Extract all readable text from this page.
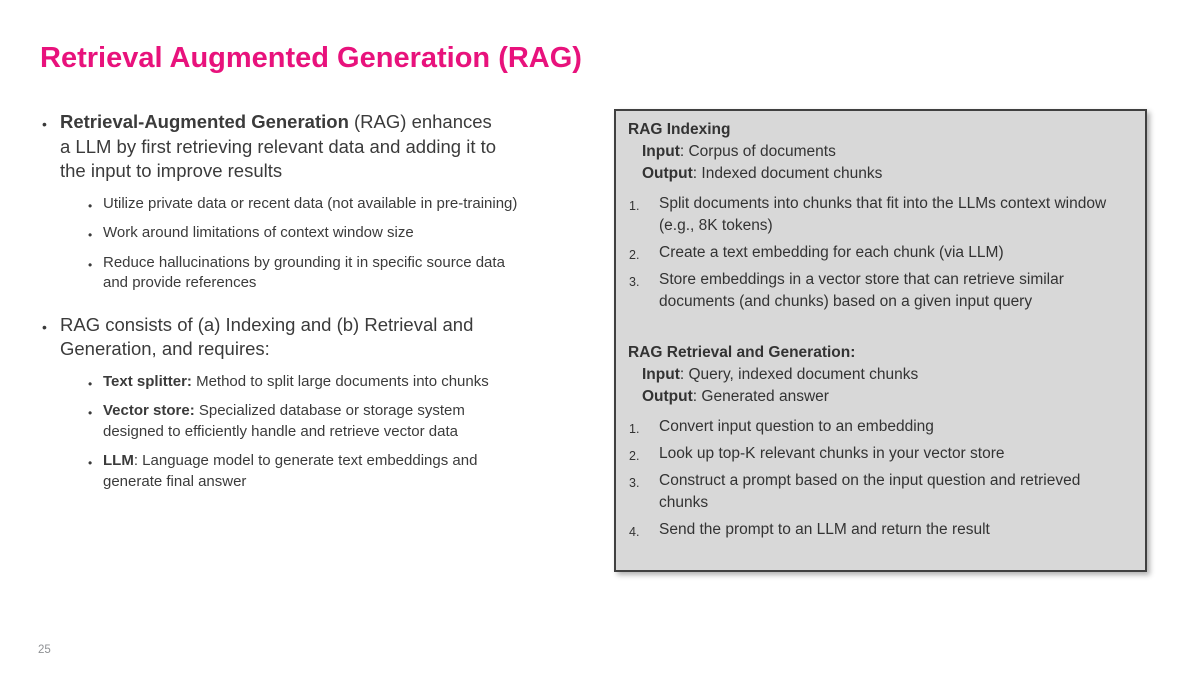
Retrieval Augmented Generation (RAG)
• Retrieval-Augmented Generation (RAG) enhances a LLM by first retrieving relevant data and adding it to the input to improve results
• Utilize private data or recent data (not available in pre-training)
• Work around limitations of context window size
• Reduce hallucinations by grounding it in specific source data and provide references
• RAG consists of (a) Indexing and (b) Retrieval and Generation, and requires:
• Text splitter: Method to split large documents into chunks
• Vector store: Specialized database or storage system designed to efficiently handle and retrieve vector data
• LLM: Language model to generate text embeddings and generate final answer
RAG Indexing
Input: Corpus of documents
Output: Indexed document chunks
1. Split documents into chunks that fit into the LLMs context window (e.g., 8K tokens)
2. Create a text embedding for each chunk (via LLM)
3. Store embeddings in a vector store that can retrieve similar documents (and chunks) based on a given input query
RAG Retrieval and Generation:
Input: Query, indexed document chunks
Output: Generated answer
1. Convert input question to an embedding
2. Look up top-K relevant chunks in your vector store
3. Construct a prompt based on the input question and retrieved chunks
4. Send the prompt to an LLM and return the result
25
